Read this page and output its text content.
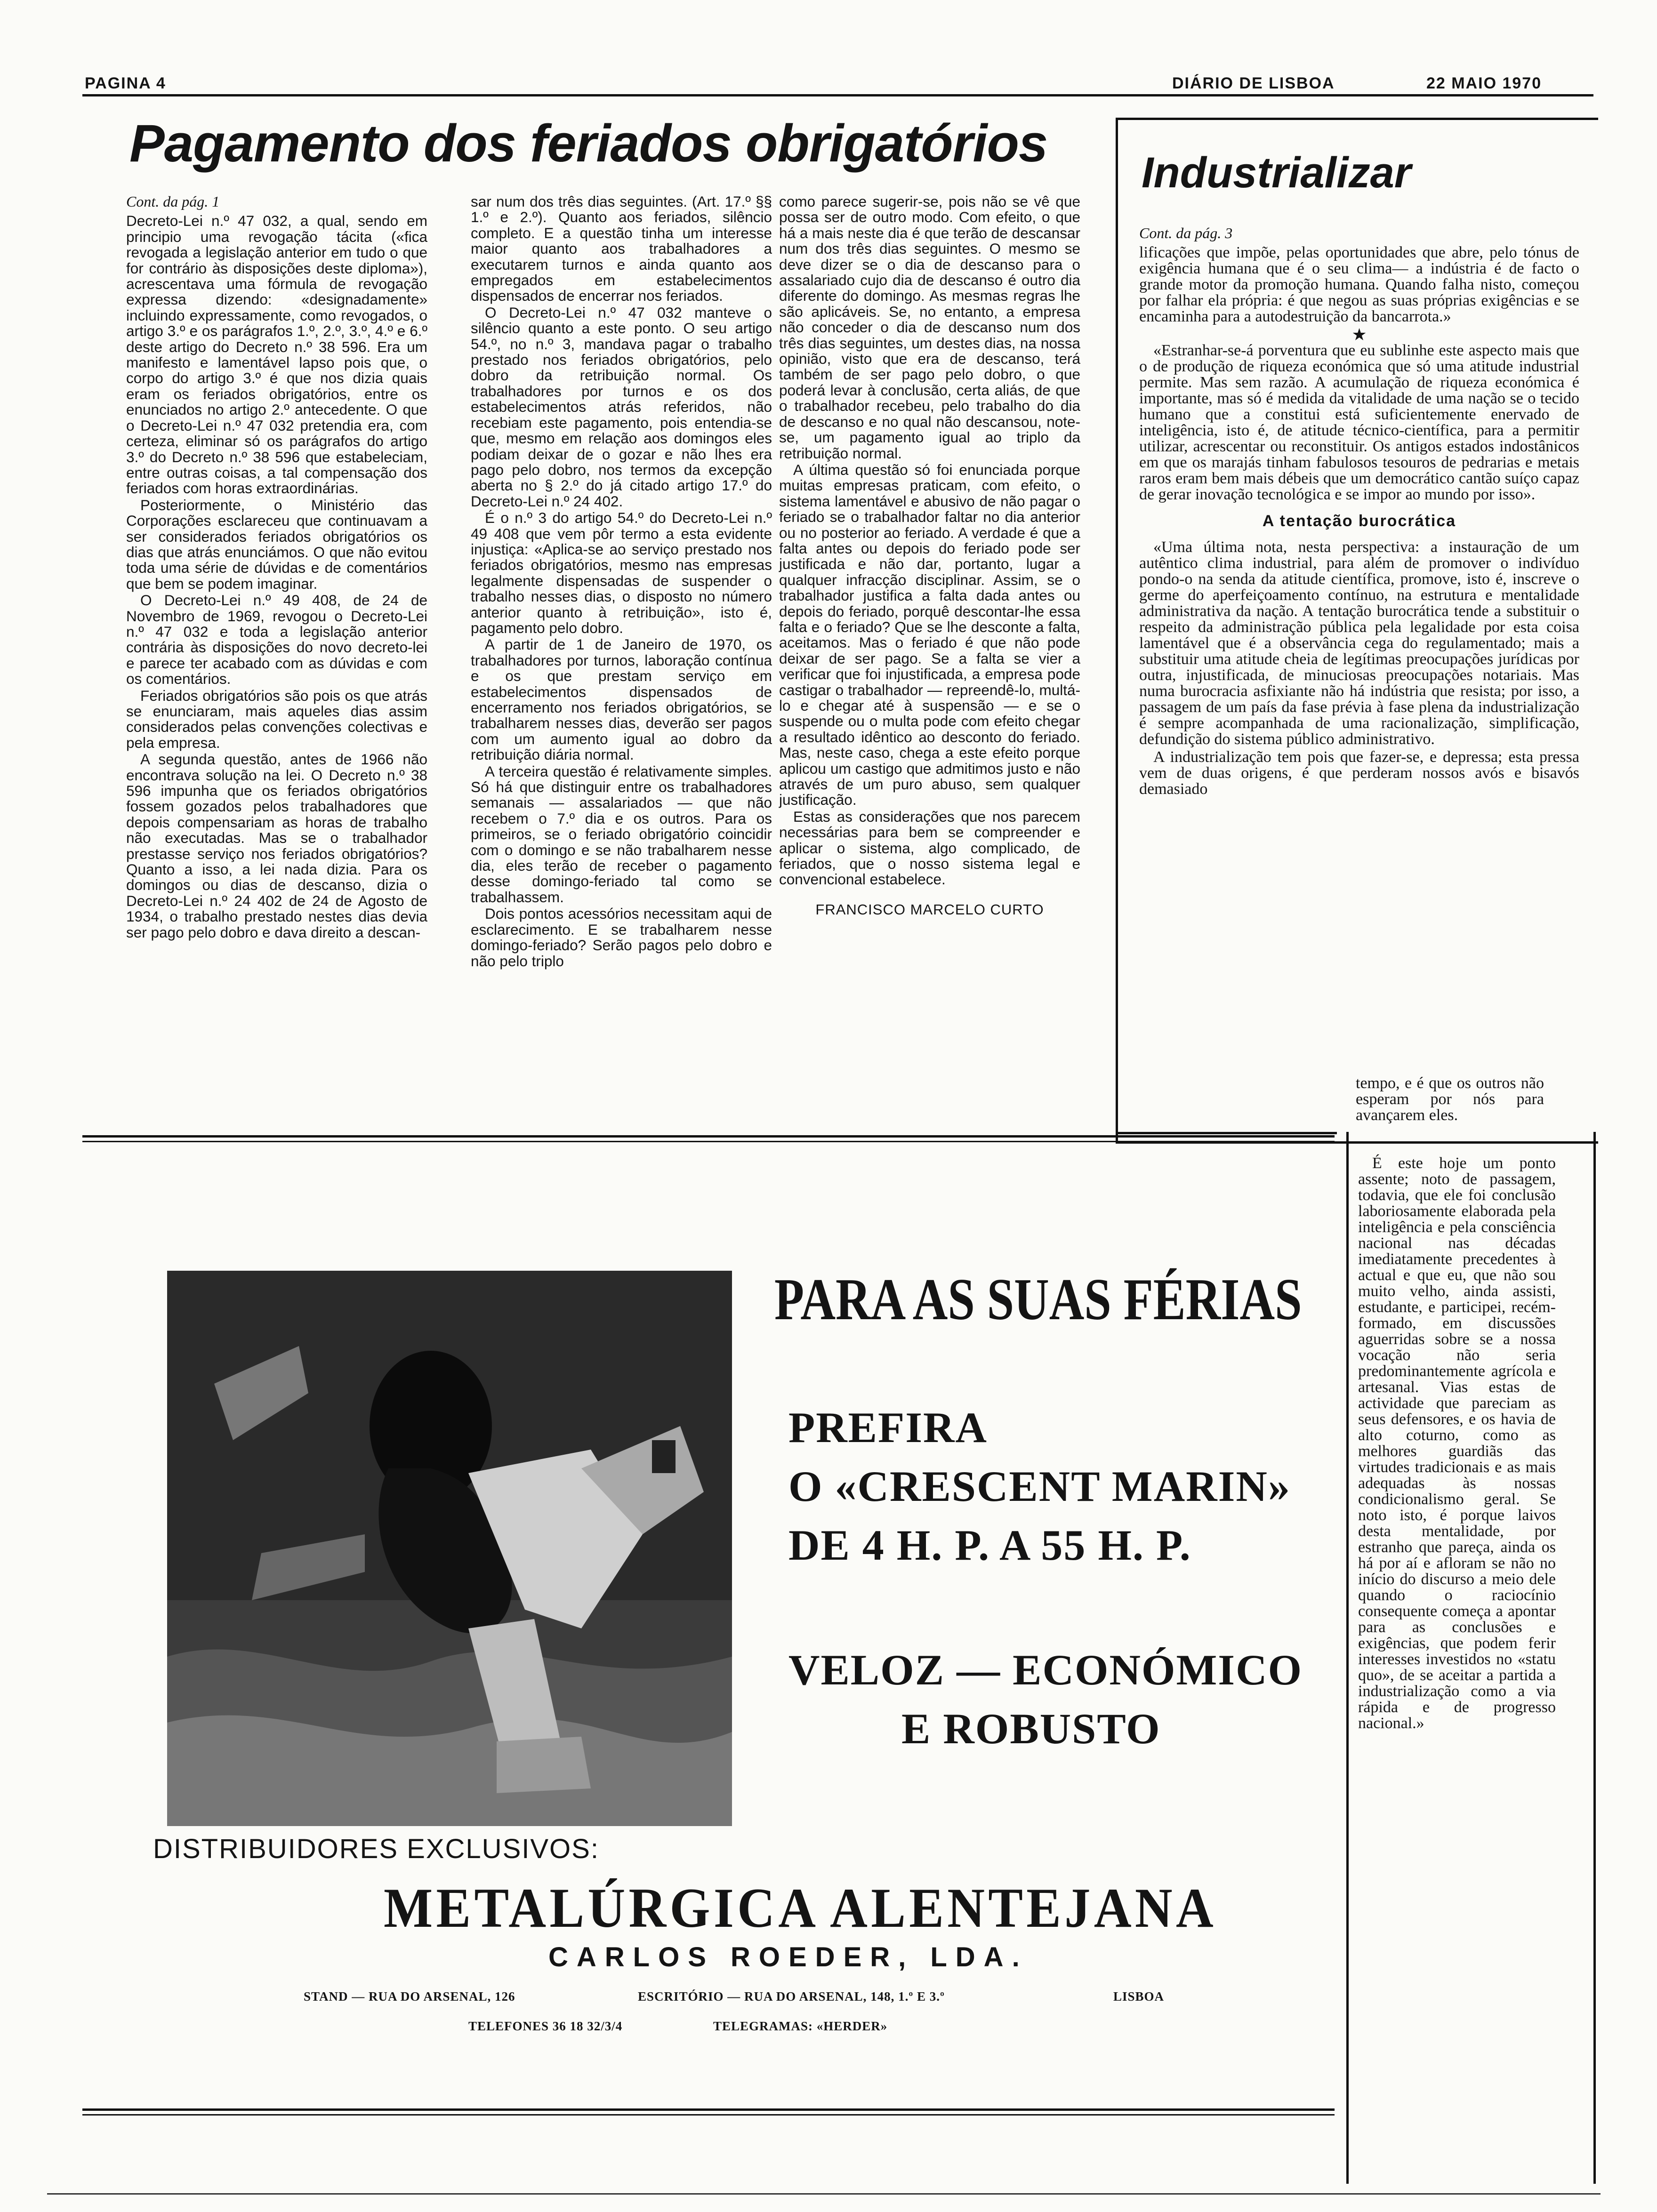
PAGINA 4	DIÁRIO DE LISBOA	22 MAIO 1970
Pagamento dos feriados obrigatórios
Cont. da pág. 1

Decreto-Lei n.º 47 032, a qual, sendo em principio uma revogação tácita («fica revogada a legislação anterior em tudo o que for contrário às disposições deste diploma»), acrescentava uma fórmula de revogação expressa dizendo: «designadamente» incluindo expressamente, como revogados, o artigo 3.º e os parágrafos 1.º, 2.º, 3.º, 4.º e 6.º deste artigo do Decreto n.º 38 596. Era um manifesto e lamentável lapso pois que, o corpo do artigo 3.º é que nos dizia quais eram os feriados obrigatórios, entre os enunciados no artigo 2.º antecedente. O que o Decreto-Lei n.º 47 032 pretendia era, com certeza, eliminar só os parágrafos do artigo 3.º do Decreto n.º 38 596 que estabeleciam, entre outras coisas, a tal compensação dos feriados com horas extraordinárias.

Posteriormente, o Ministério das Corporações esclareceu que continuavam a ser considerados feriados obrigatórios os dias que atrás enunciámos. O que não evitou toda uma série de dúvidas e de comentários que bem se podem imaginar.

O Decreto-Lei n.º 49 408, de 24 de Novembro de 1969, revogou o Decreto-Lei n.º 47 032 e toda a legislação anterior contrária às disposições do novo decreto-lei e parece ter acabado com as dúvidas e com os comentários.

Feriados obrigatórios são pois os que atrás se enunciaram, mais aqueles dias assim considerados pelas convenções colectivas e pela empresa.

A segunda questão, antes de 1966 não encontrava solução na lei. O Decreto n.º 38 596 impunha que os feriados obrigatórios fossem gozados pelos trabalhadores que depois compensariam as horas de trabalho não executadas. Mas se o trabalhador prestasse serviço nos feriados obrigatórios? Quanto a isso, a lei nada dizia. Para os domingos ou dias de descanso, dizia o Decreto-Lei n.º 24 402 de 24 de Agosto de 1934, o trabalho prestado nestes dias devia ser pago pelo dobro e dava direito a descan-

sar num dos três dias seguintes. (Art. 17.º §§ 1.º e 2.º). Quanto aos feriados, silêncio completo. E a questão tinha um interesse maior quanto aos trabalhadores a executarem turnos e ainda quanto aos empregados em estabelecimentos dispensados de encerrar nos feriados.

O Decreto-Lei n.º 47 032 manteve o silêncio quanto a este ponto. O seu artigo 54.º, no n.º 3, mandava pagar o trabalho prestado nos feriados obrigatórios, pelo dobro da retribuição normal. Os trabalhadores por turnos e os dos estabelecimentos atrás referidos, não recebiam este pagamento, pois entendia-se que, mesmo em relação aos domingos eles podiam deixar de o gozar e não lhes era pago pelo dobro, nos termos da excepção aberta no § 2.º do já citado artigo 17.º do Decreto-Lei n.º 24 402.

É o n.º 3 do artigo 54.º do Decreto-Lei n.º 49 408 que vem pôr termo a esta evidente injustiça: «Aplica-se ao serviço prestado nos feriados obrigatórios, mesmo nas empresas legalmente dispensadas de suspender o trabalho nesses dias, o disposto no número anterior quanto à retribuição», isto é, pagamento pelo dobro.

A partir de 1 de Janeiro de 1970, os trabalhadores por turnos, laboração contínua e os que prestam serviço em estabelecimentos dispensados de encerramento nos feriados obrigatórios, se trabalharem nesses dias, deverão ser pagos com um aumento igual ao dobro da retribuição diária normal.

A terceira questão é relativamente simples. Só há que distinguir entre os trabalhadores semanais — assalariados — que não recebem o 7.º dia e os outros. Para os primeiros, se o feriado obrigatório coincidir com o domingo e se não trabalharem nesse dia, eles terão de receber o pagamento desse domingo-feriado tal como se trabalhassem.

Dois pontos acessórios necessitam aqui de esclarecimento. E se trabalharem nesse domingo-feriado? Serão pagos pelo dobro e não pelo triplo

como parece sugerir-se, pois não se vê que possa ser de outro modo. Com efeito, o que há a mais neste dia é que terão de descansar num dos três dias seguintes. O mesmo se deve dizer se o dia de descanso para o assalariado cujo dia de descanso é outro dia diferente do domingo. As mesmas regras lhe são aplicáveis. Se, no entanto, a empresa não conceder o dia de descanso num dos três dias seguintes, um destes dias, na nossa opinião, visto que era de descanso, terá também de ser pago pelo dobro, o que poderá levar à conclusão, certa aliás, de que o trabalhador recebeu, pelo trabalho do dia de descanso e no qual não descansou, note-se, um pagamento igual ao triplo da retribuição normal.

A última questão só foi enunciada porque muitas empresas praticam, com efeito, o sistema lamentável e abusivo de não pagar o feriado se o trabalhador faltar no dia anterior ou no posterior ao feriado. A verdade é que a falta antes ou depois do feriado pode ser justificada e não dar, portanto, lugar a qualquer infracção disciplinar. Assim, se o trabalhador justifica a falta dada antes ou depois do feriado, porquê descontar-lhe essa falta e o feriado? Que se lhe desconte a falta, aceitamos. Mas o feriado é que não pode deixar de ser pago. Se a falta se vier a verificar que foi injustificada, a empresa pode castigar o trabalhador — repreendê-lo, multá-lo e chegar até à suspensão — e se o suspende ou o multa pode com efeito chegar a resultado idêntico ao desconto do feriado. Mas, neste caso, chega a este efeito porque aplicou um castigo que admitimos justo e não através de um puro abuso, sem qualquer justificação.

Estas as considerações que nos parecem necessárias para bem se compreender e aplicar o sistema, algo complicado, de feriados, que o nosso sistema legal e convencional estabelece.

FRANCISCO MARCELO CURTO
Industrializar
Cont. da pág. 3

lificações que impõe, pelas oportunidades que abre, pelo tónus de exigência humana que é o seu clima— a indústria é de facto o grande motor da promoção humana. Quando falha nisto, começou por falhar ela própria: é que negou as suas próprias exigências e se encaminha para a autodestruição da bancarrota.»

★

«Estranhar-se-á porventura que eu sublinhe este aspecto mais que o de produção de riqueza económica que só uma atitude industrial permite. Mas sem razão. A acumulação de riqueza económica é importante, mas só é medida da vitalidade de uma nação se o tecido humano que a constitui está suficientemente enervado de inteligência, isto é, de atitude técnico-científica, para a permitir utilizar, acrescentar ou reconstituir. Os antigos estados indostânicos em que os marajás tinham fabulosos tesouros de pedrarias e metais raros eram bem mais débeis que um democrático cantão suíço capaz de gerar inovação tecnológica e se impor ao mundo por isso».

A tentação burocrática

«Uma última nota, nesta perspectiva: a instauração de um autêntico clima industrial, para além de promover o indivíduo pondo-o na senda da atitude científica, promove, isto é, inscreve o germe do aperfeiçoamento contínuo, na estrutura e mentalidade administrativa da nação. A tentação burocrática tende a substituir o respeito da administração pública pela legalidade por esta coisa lamentável que é a observância cega do regulamentado; mais a substituir uma atitude cheia de legítimas preocupações jurídicas por outra, injustificada, de minuciosas preocupações notariais. Mas numa burocracia asfixiante não há indústria que resista; por isso, a passagem de um país da fase prévia à fase plena da industrialização é sempre acompanhada de uma racionalização, simplificação, defundição do sistema público administrativo.

A industrialização tem pois que fazer-se, e depressa; esta pressa vem de duas origens, é que perderam nossos avós e bisavós demasiado

tempo, e é que os outros não esperam por nós para avançarem eles.

É este hoje um ponto assente; noto de passagem, todavia, que ele foi conclusão laboriosamente elaborada pela inteligência e pela consciência nacional nas décadas imediatamente precedentes à actual e que eu, que não sou muito velho, ainda assisti, estudante, e participei, recém-formado, em discussões aguerridas sobre se a nossa vocação não seria predominantemente agrícola e artesanal. Vias estas de actividade que pareciam as seus defensores, e os havia de alto coturno, como as melhores guardiãs das virtudes tradicionais e as mais adequadas às nossas condicionalismo geral. Se noto isto, é porque laivos desta mentalidade, por estranho que pareça, ainda os há por aí e afloram se não no início do discurso a meio dele quando o raciocínio consequente começa a apontar para as conclusões e exigências, que podem ferir interesses investidos no «statu quo», de se aceitar a partida a industrialização como a via rápida e de progresso nacional.»

PARA AS SUAS FÉRIAS
PREFIRA
O «CRESCENT MARIN»
DE 4 H. P. A 55 H. P.
VELOZ — ECONÓMICO
E ROBUSTO
DISTRIBUIDORES EXCLUSIVOS:
METALÚRGICA ALENTEJANA
CARLOS ROEDER, LDA.
STAND — RUA DO ARSENAL, 126	ESCRITÓRIO — RUA DO ARSENAL, 148, 1.º E 3.º	LISBOA
TELEFONES 36 18 32/3/4	TELEGRAMAS: «HERDER»
